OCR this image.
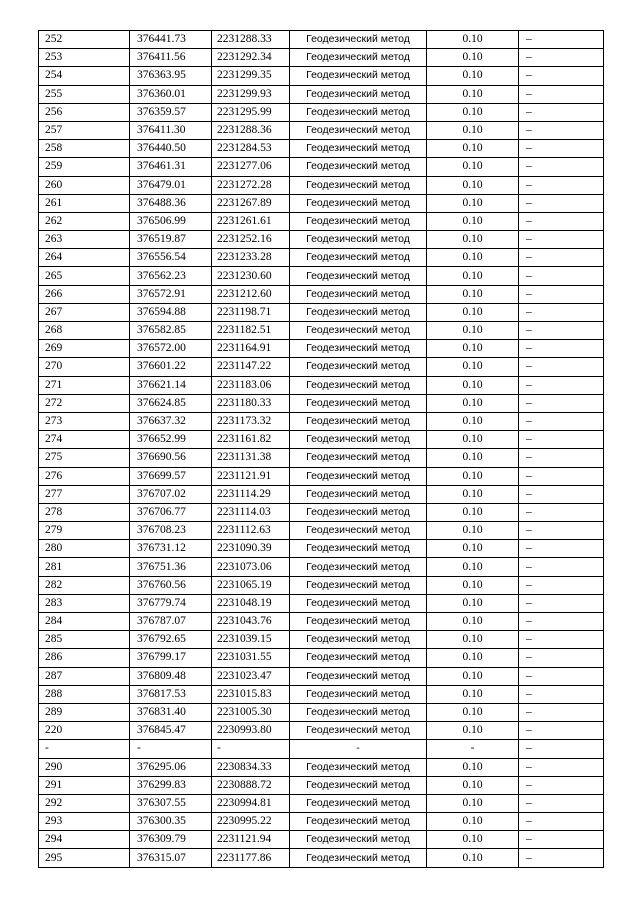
252	376441.73	2231288.33	Геодезический метод	0.10	–
253	376411.56	2231292.34	Геодезический метод	0.10	–
254	376363.95	2231299.35	Геодезический метод	0.10	–
255	376360.01	2231299.93	Геодезический метод	0.10	–
256	376359.57	2231295.99	Геодезический метод	0.10	–
257	376411.30	2231288.36	Геодезический метод	0.10	–
258	376440.50	2231284.53	Геодезический метод	0.10	–
259	376461.31	2231277.06	Геодезический метод	0.10	–
260	376479.01	2231272.28	Геодезический метод	0.10	–
261	376488.36	2231267.89	Геодезический метод	0.10	–
262	376506.99	2231261.61	Геодезический метод	0.10	–
263	376519.87	2231252.16	Геодезический метод	0.10	–
264	376556.54	2231233.28	Геодезический метод	0.10	–
265	376562.23	2231230.60	Геодезический метод	0.10	–
266	376572.91	2231212.60	Геодезический метод	0.10	–
267	376594.88	2231198.71	Геодезический метод	0.10	–
268	376582.85	2231182.51	Геодезический метод	0.10	–
269	376572.00	2231164.91	Геодезический метод	0.10	–
270	376601.22	2231147.22	Геодезический метод	0.10	–
271	376621.14	2231183.06	Геодезический метод	0.10	–
272	376624.85	2231180.33	Геодезический метод	0.10	–
273	376637.32	2231173.32	Геодезический метод	0.10	–
274	376652.99	2231161.82	Геодезический метод	0.10	–
275	376690.56	2231131.38	Геодезический метод	0.10	–
276	376699.57	2231121.91	Геодезический метод	0.10	–
277	376707.02	2231114.29	Геодезический метод	0.10	–
278	376706.77	2231114.03	Геодезический метод	0.10	–
279	376708.23	2231112.63	Геодезический метод	0.10	–
280	376731.12	2231090.39	Геодезический метод	0.10	–
281	376751.36	2231073.06	Геодезический метод	0.10	–
282	376760.56	2231065.19	Геодезический метод	0.10	–
283	376779.74	2231048.19	Геодезический метод	0.10	–
284	376787.07	2231043.76	Геодезический метод	0.10	–
285	376792.65	2231039.15	Геодезический метод	0.10	–
286	376799.17	2231031.55	Геодезический метод	0.10	–
287	376809.48	2231023.47	Геодезический метод	0.10	–
288	376817.53	2231015.83	Геодезический метод	0.10	–
289	376831.40	2231005.30	Геодезический метод	0.10	–
220	376845.47	2230993.80	Геодезический метод	0.10	–
-	-	-	-	-	–
290	376295.06	2230834.33	Геодезический метод	0.10	–
291	376299.83	2230888.72	Геодезический метод	0.10	–
292	376307.55	2230994.81	Геодезический метод	0.10	–
293	376300.35	2230995.22	Геодезический метод	0.10	–
294	376309.79	2231121.94	Геодезический метод	0.10	–
295	376315.07	2231177.86	Геодезический метод	0.10	–
